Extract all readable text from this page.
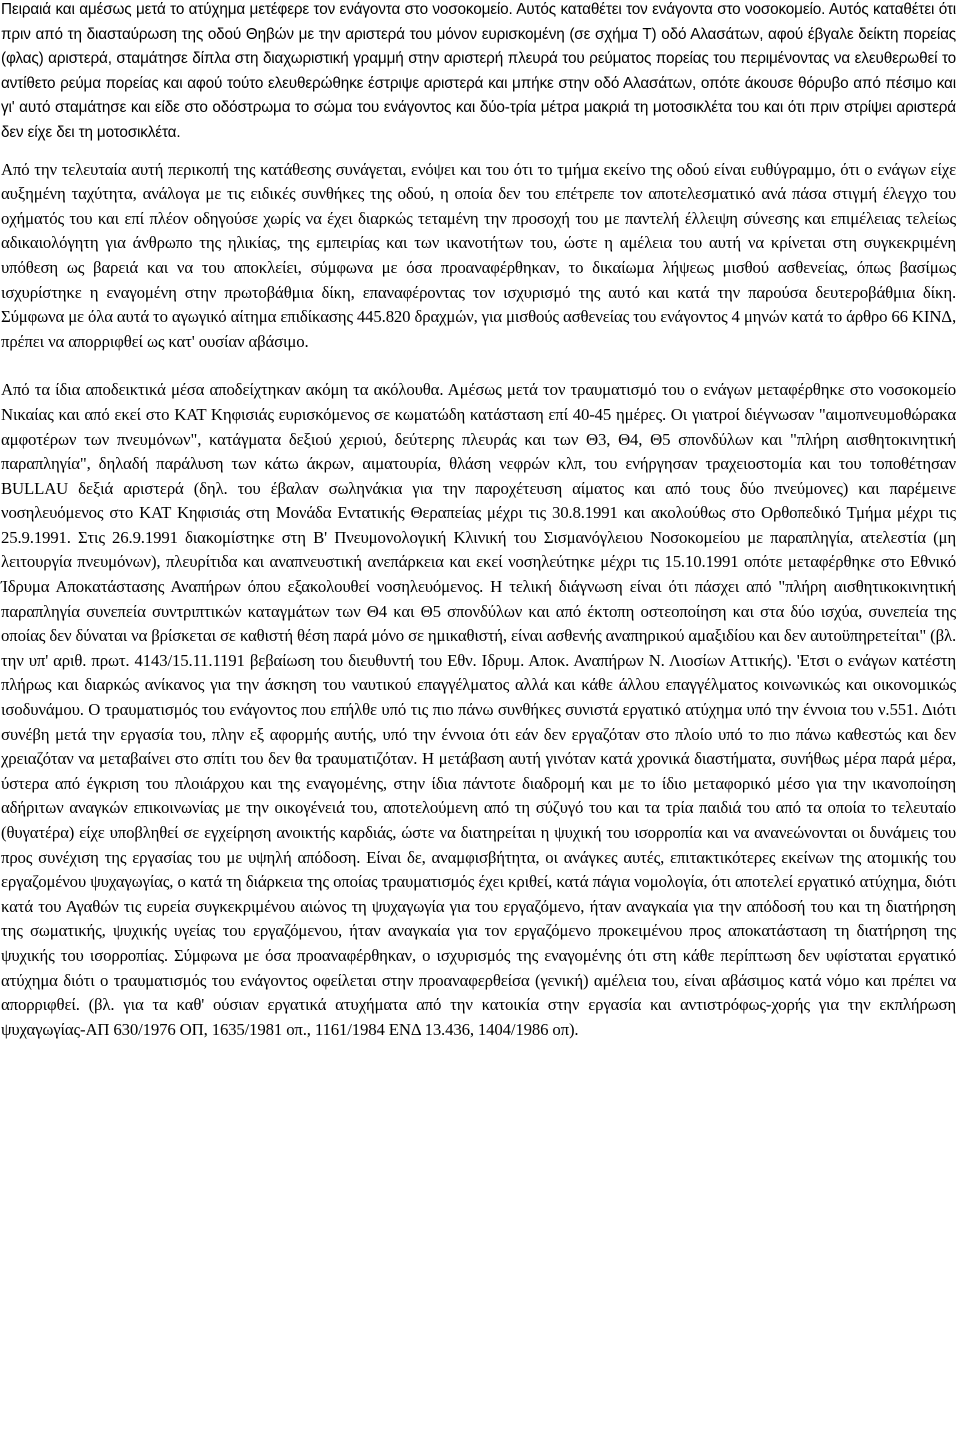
Πειραιά και αμέσως μετά το ατύχημα μετέφερε τον ενάγοντα στο νοσοκομείο. Αυτός καταθέτει τον ενάγοντα στο νοσοκομείο. Αυτός καταθέτει ότι πριν από τη διασταύρωση της οδού Θηβών με την αριστερά του μόνον ευρισκομένη (σε σχήμα Τ) οδό Αλασάτων, αφού έβγαλε δείκτη πορείας (φλας) αριστερά, σταμάτησε δίπλα στη διαχωριστική γραμμή στην αριστερή πλευρά του ρεύματος πορείας του περιμένοντας να ελευθερωθεί το αντίθετο ρεύμα πορείας και αφού τούτο ελευθερώθηκε έστριψε αριστερά και μπήκε στην οδό Αλασάτων, οπότε άκουσε θόρυβο από πέσιμο και γι' αυτό σταμάτησε και είδε στο οδόστρωμα το σώμα του ενάγοντος και δύο-τρία μέτρα μακριά τη μοτοσικλέτα του και ότι πριν στρίψει αριστερά δεν είχε δει τη μοτοσικλέτα.

Από την τελευταία αυτή περικοπή της κατάθεσης συνάγεται, ενόψει και του ότι το τμήμα εκείνο της οδού είναι ευθύγραμμο, ότι ο ενάγων είχε αυξημένη ταχύτητα, ανάλογα με τις ειδικές συνθήκες της οδού, η οποία δεν του επέτρεπε τον αποτελεσματικό ανά πάσα στιγμή έλεγχο του οχήματός του και επί πλέον οδηγούσε χωρίς να έχει διαρκώς τεταμένη την προσοχή του με παντελή έλλειψη σύνεσης και επιμέλειας τελείως αδικαιολόγητη για άνθρωπο της ηλικίας, της εμπειρίας και των ικανοτήτων του, ώστε η αμέλεια του αυτή να κρίνεται στη συγκεκριμένη υπόθεση ως βαρειά και να του αποκλείει, σύμφωνα με όσα προαναφέρθηκαν, το δικαίωμα λήψεως μισθού ασθενείας, όπως βασίμως ισχυρίστηκε η εναγομένη στην πρωτοβάθμια δίκη, επαναφέροντας τον ισχυρισμό της αυτό και κατά την παρούσα δευτεροβάθμια δίκη. Σύμφωνα με όλα αυτά το αγωγικό αίτημα επιδίκασης 445.820 δραχμών, για μισθούς ασθενείας του ενάγοντος 4 μηνών κατά το άρθρο 66 ΚΙΝΔ, πρέπει να απορριφθεί ως κατ' ουσίαν αβάσιμο.

Από τα ίδια αποδεικτικά μέσα αποδείχτηκαν ακόμη τα ακόλουθα. Αμέσως μετά τον τραυματισμό του ο ενάγων μεταφέρθηκε στο νοσοκομείο Νικαίας και από εκεί στο ΚΑΤ Κηφισιάς ευρισκόμενος σε κωματώδη κατάσταση επί 40-45 ημέρες. Οι γιατροί διέγνωσαν "αιμοπνευμοθώρακα αμφοτέρων των πνευμόνων", κατάγματα δεξιού χεριού, δεύτερης πλευράς και των Θ3, Θ4, Θ5 σπονδύλων και "πλήρη αισθητοκινητική παραπληγία", δηλαδή παράλυση των κάτω άκρων, αιματουρία, θλάση νεφρών κλπ, του ενήργησαν τραχειοστομία και του τοποθέτησαν BULLAU δεξιά αριστερά (δηλ. του έβαλαν σωληνάκια για την παροχέτευση αίματος και από τους δύο πνεύμονες) και παρέμεινε νοσηλευόμενος στο ΚΑΤ Κηφισιάς στη Μονάδα Εντατικής Θεραπείας μέχρι τις 30.8.1991 και ακολούθως στο Ορθοπεδικό Τμήμα μέχρι τις 25.9.1991. Στις 26.9.1991 διακομίστηκε στη Β' Πνευμονολογική Κλινική του Σισμανόγλειου Νοσοκομείου με παραπληγία, ατελεστία (μη λειτουργία πνευμόνων), πλευρίτιδα και αναπνευστική ανεπάρκεια και εκεί νοσηλεύτηκε μέχρι τις 15.10.1991 οπότε μεταφέρθηκε στο Εθνικό Ίδρυμα Αποκατάστασης Αναπήρων όπου εξακολουθεί νοσηλευόμενος. Η τελική διάγνωση είναι ότι πάσχει από "πλήρη αισθητικοκινητική παραπληγία συνεπεία συντριπτικών καταγμάτων των Θ4 και Θ5 σπονδύλων και από έκτοπη οστεοποίηση και στα δύο ισχύα, συνεπεία της οποίας δεν δύναται να βρίσκεται σε καθιστή θέση παρά μόνο σε ημικαθιστή, είναι ασθενής αναπηρικού αμαξιδίου και δεν αυτοϋπηρετείται" (βλ. την υπ' αριθ. πρωτ. 4143/15.11.1191 βεβαίωση του διευθυντή του Εθν. Ιδρυμ. Αποκ. Αναπήρων Ν. Λιοσίων Αττικής). 'Ετσι ο ενάγων κατέστη πλήρως και διαρκώς ανίκανος για την άσκηση του ναυτικού επαγγέλματος αλλά και κάθε άλλου επαγγέλματος κοινωνικώς και οικονομικώς ισοδυνάμου. Ο τραυματισμός του ενάγοντος που επήλθε υπό τις πιο πάνω συνθήκες συνιστά εργατικό ατύχημα υπό την έννοια του ν.551. Διότι συνέβη μετά την εργασία του, πλην εξ αφορμής αυτής, υπό την έννοια ότι εάν δεν εργαζόταν στο πλοίο υπό το πιο πάνω καθεστώς και δεν χρειαζόταν να μεταβαίνει στο σπίτι του δεν θα τραυματιζόταν. Η μετάβαση αυτή γινόταν κατά χρονικά διαστήματα, συνήθως μέρα παρά μέρα, ύστερα από έγκριση του πλοιάρχου και της εναγομένης, στην ίδια πάντοτε διαδρομή και με το ίδιο μεταφορικό μέσο για την ικανοποίηση αδήριτων αναγκών επικοινωνίας με την οικογένειά του, αποτελούμενη από τη σύζυγό του και τα τρία παιδιά του από τα οποία το τελευταίο (θυγατέρα) είχε υποβληθεί σε εγχείρηση ανοικτής καρδιάς, ώστε να διατηρείται η ψυχική του ισορροπία και να ανανεώνονται οι δυνάμεις του προς συνέχιση της εργασίας του με υψηλή απόδοση. Είναι δε, αναμφισβήτητα, οι ανάγκες αυτές, επιτακτικότερες εκείνων της ατομικής του εργαζομένου ψυχαγωγίας, ο κατά τη διάρκεια της οποίας τραυματισμός έχει κριθεί, κατά πάγια νομολογία, ότι αποτελεί εργατικό ατύχημα, διότι κατά του Αγαθών τις ευρεία συγκεκριμένου αιώνος τη ψυχαγωγία για του εργαζόμενο, ήταν αναγκαία για την απόδοσή του και τη διατήρηση της σωματικής, ψυχικής υγείας του εργαζόμενου, ήταν αναγκαία για τον εργαζόμενο προκειμένου προς αποκατάσταση τη διατήρηση της ψυχικής του ισορροπίας. Σύμφωνα με όσα προαναφέρθηκαν, ο ισχυρισμός της εναγομένης ότι στη κάθε περίπτωση δεν υφίσταται εργατικό ατύχημα διότι ο τραυματισμός του ενάγοντος οφείλεται στην προαναφερθείσα (γενική) αμέλεια του, είναι αβάσιμος κατά νόμο και πρέπει να απορριφθεί. (βλ. για τα καθ' ούσιαν εργατικά ατυχήματα από την κατοικία στην εργασία και αντιστρόφως-χορής για την εκπλήρωση ψυχαγωγίας-ΑΠ 630/1976 ΟΠ, 1635/1981 οπ., 1161/1984 ΕΝΔ 13.436, 1404/1986 οπ).
